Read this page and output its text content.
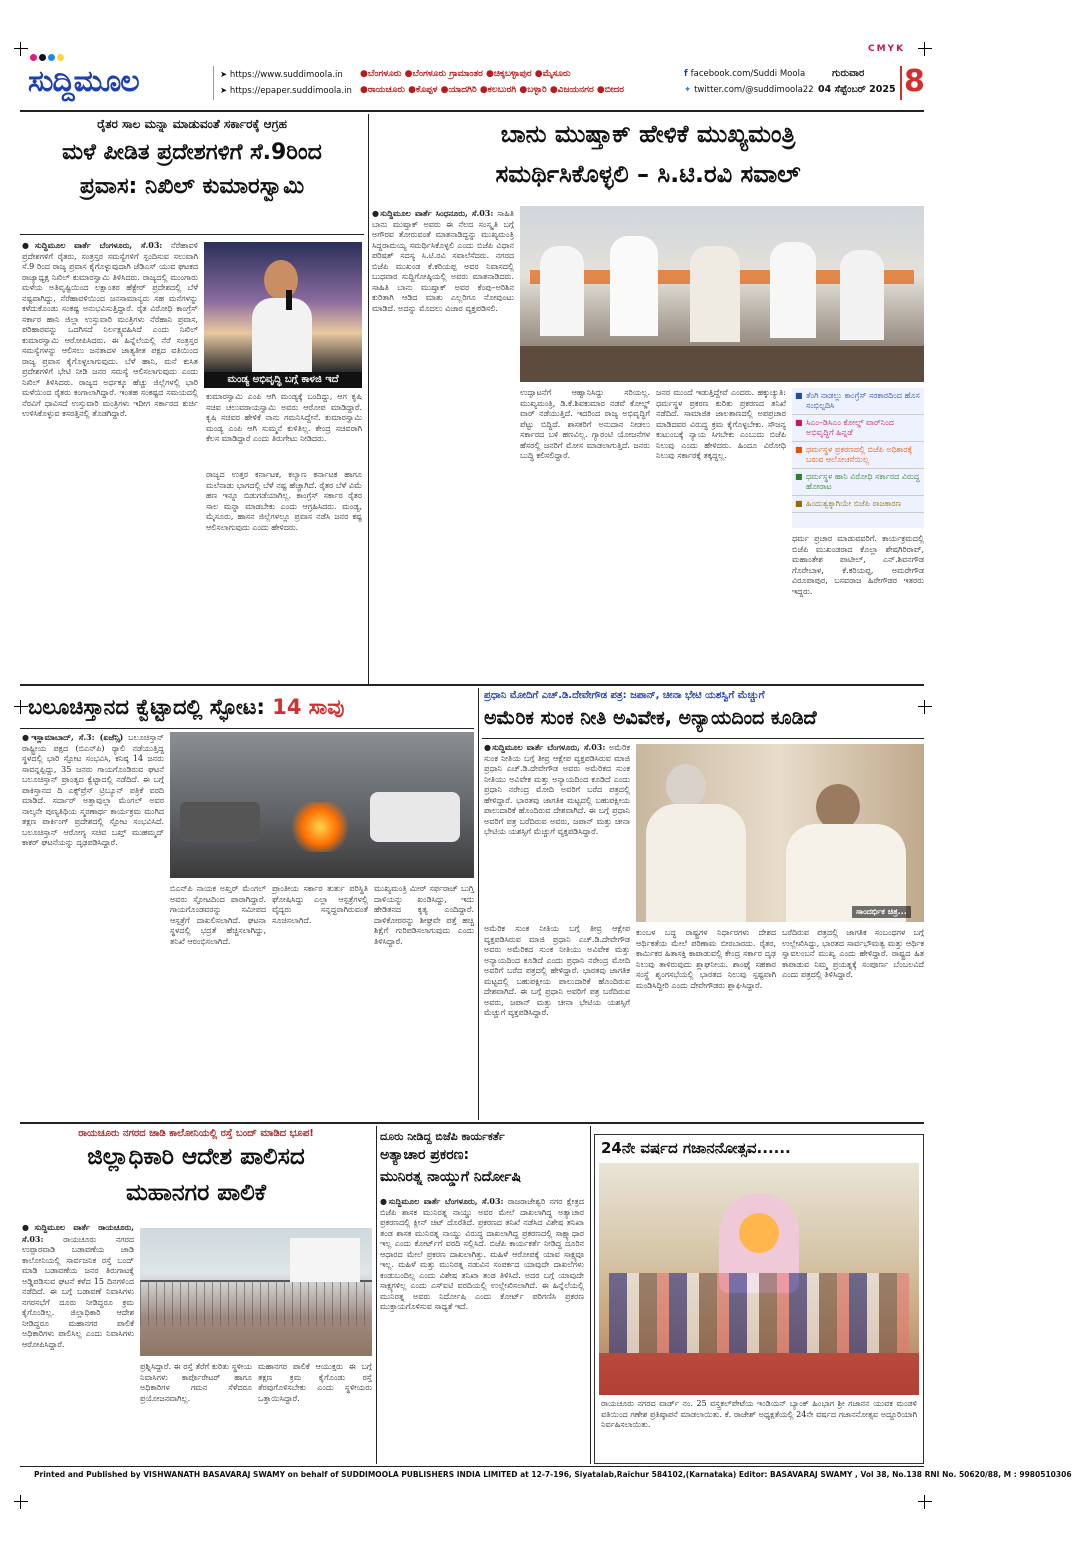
CMYK
ಸುದ್ದಿಮೂಲ	➤ https://www.suddimoola.in
➤ https://epaper.suddimoola.in
●ಬೆಂಗಳೂರು ●ಬೆಂಗಳೂರು ಗ್ರಾಮಾಂತರ ●ಚಿಕ್ಕಬಳ್ಳಾಪುರ ●ಮೈಸೂರು
●ರಾಯಚೂರು ●ಕೊಪ್ಪಳ ●ಯಾದಗಿರಿ ●ಕಲಬುರಗಿ ●ಬಳ್ಳಾರಿ ●ವಿಜಯನಗರ ●ಬೀದರ
f facebook.com/Suddi Moola
✦ twitter.com/@suddimoola22
ಗುರುವಾರ
04 ಸೆಪ್ಟೆಂಬರ್ 2025 8
ರೈತರ ಸಾಲ ಮನ್ನಾ ಮಾಡುವಂತೆ ಸರ್ಕಾರಕ್ಕೆ ಆಗ್ರಹ
ಮಳೆ ಪೀಡಿತ ಪ್ರದೇಶಗಳಿಗೆ ಸೆ.9ರಿಂದ
ಪ್ರವಾಸ: ನಿಖಿಲ್ ಕುಮಾರಸ್ವಾಮಿ
●ಸುದ್ದಿಮೂಲ ವಾರ್ತೆ ಬೆಂಗಳೂರು, ಸೆ.03: ನೆರೆಹಾವಳಿ ಪ್ರದೇಶಗಳಿಗೆ ರೈತರು, ಸಂತ್ರಸ್ತರ ಸಮಸ್ಯೆಗಳಿಗೆ ಸ್ಪಂದಿಸುವ ಸಲುವಾಗಿ ಸೆ.9 ರಿಂದ ರಾಜ್ಯ ಪ್ರವಾಸ ಕೈಗೊಳ್ಳುವುದಾಗಿ ಜೆಡಿಎಸ್ ಯುವ ಘಟಕದ ರಾಜ್ಯಾಧ್ಯಕ್ಷ ನಿಖಿಲ್ ಕುಮಾರಸ್ವಾಮಿ ತಿಳಿಸಿದರು. ರಾಜ್ಯದಲ್ಲಿ ಮುಂಗಾರು ಮಳೆಯ ಅತಿವೃಷ್ಟಿಯಿಂದ ಲಕ್ಷಾಂತರ ಹೆಕ್ಟೇರ್ ಪ್ರದೇಶದಲ್ಲಿ ಬೆಳೆ ನಷ್ಟವಾಗಿದ್ದು, ನೆರೆಹಾವಳಿಯಿಂದ ಜನಸಾಮಾನ್ಯರು ಸಹ ಮನೆಗಳನ್ನು ಕಳೆದುಕೊಂಡು ಸಂಕಷ್ಟ ಅನುಭವಿಸುತ್ತಿದ್ದಾರೆ. ರೈತ ವಿರೋಧಿ ಕಾಂಗ್ರೆಸ್ ಸರ್ಕಾರ ಹಾನಿ ಜಿಲ್ಲಾ ಉಸ್ತುವಾರಿ ಮಂತ್ರಿಗಳು ನೆರೆಹಾನಿ ಪ್ರವಾಸ, ಪರಿಹಾರವನ್ನು ಒದಗಿಸದೆ ನಿರ್ಲಕ್ಷ್ಯವಹಿಸಿದೆ ಎಂದು ನಿಖಿಲ್ ಕುಮಾರಸ್ವಾಮಿ ಆರೋಪಿಸಿದರು. ಈ ಹಿನ್ನೆಲೆಯಲ್ಲಿ ನೆರೆ ಸಂತ್ರಸ್ತರ ಸಮಸ್ಯೆಗಳನ್ನು ಆಲಿಸಲು ಜನತಾದಳ ಜಾತ್ಯತೀತ ಪಕ್ಷದ ವತಿಯಿಂದ ರಾಜ್ಯ ಪ್ರವಾಸ ಕೈಗೊಳ್ಳಲಾಗುವುದು. ಬೆಳೆ ಹಾನಿ, ಮನೆ ಕುಸಿತ ಪ್ರದೇಶಗಳಿಗೆ ಭೇಟಿ ನೀಡಿ ಜನರ ಸಮಸ್ಯೆ ಆಲಿಸಲಾಗುವುದು ಎಂದು ನಿಖಿಲ್ ತಿಳಿಸಿದರು. ರಾಜ್ಯದ ಅರ್ಧಕ್ಕೂ ಹೆಚ್ಚು ಜಿಲ್ಲೆಗಳಲ್ಲಿ ಭಾರಿ ಮಳೆಯಿಂದ ರೈತರು ಕಂಗಾಲಾಗಿದ್ದಾರೆ. ಇಂತಹ ಸಂಕಷ್ಟದ ಸಮಯದಲ್ಲಿ ನೆರವಿಗೆ ಧಾವಿಸದೆ ಉಸ್ತುವಾರಿ ಮಂತ್ರಿಗಳು ಇದೀಗ ಸರ್ಕಾರದ ಕುರ್ಚಿ ಉಳಿಸಿಕೊಳ್ಳುವ ಕಸರತ್ತಿನಲ್ಲಿ ತೊಡಗಿದ್ದಾರೆ.
ಮಂಡ್ಯ ಅಭಿವೃದ್ಧಿ ಬಗ್ಗೆ ಕಾಳಜಿ ಇದೆ
ಕುಮಾರಸ್ವಾಮಿ ಎಂಪಿ ಆಗಿ ಮಂಡ್ಯಕ್ಕೆ ಬಂದಿದ್ದು, ಆಗ ಕೃಷಿ ಸಚಿವ ಚಲುವರಾಯಸ್ವಾಮಿ ಅವರು ಆರೋಪ ಮಾಡಿದ್ದಾರೆ. ಕೃಷಿ ಸಚಿವರ ಹೇಳಿಕೆ ನಾನು ಗಮನಿಸಿದ್ದೇನೆ. ಕುಮಾರಸ್ವಾಮಿ ಮಂಡ್ಯ ಎಂಪಿ ಆಗಿ ಸುಮ್ಮನೆ ಕುಳಿತಿಲ್ಲ. ಕೇಂದ್ರ ಸಚಿವರಾಗಿ ಕೆಲಸ ಮಾಡಿದ್ದಾರೆ ಎಂದು ತಿರುಗೇಟು ನೀಡಿದರು.
ರಾಜ್ಯದ ಉತ್ತರ ಕರ್ನಾಟಕ, ಕಲ್ಯಾಣ ಕರ್ನಾಟಕ ಹಾಗೂ ಮಲೆನಾಡು ಭಾಗದಲ್ಲಿ ಬೆಳೆ ನಷ್ಟ ಹೆಚ್ಚಾಗಿದೆ. ರೈತರ ಬೆಳೆ ವಿಮೆ ಹಣ ಇನ್ನೂ ಬಿಡುಗಡೆಯಾಗಿಲ್ಲ. ಕಾಂಗ್ರೆಸ್ ಸರ್ಕಾರ ರೈತರ ಸಾಲ ಮನ್ನಾ ಮಾಡಬೇಕು ಎಂದು ಆಗ್ರಹಿಸಿದರು. ಮಂಡ್ಯ, ಮೈಸೂರು, ಹಾಸನ ಜಿಲ್ಲೆಗಳಲ್ಲೂ ಪ್ರವಾಸ ನಡೆಸಿ ಜನರ ಕಷ್ಟ ಆಲಿಸಲಾಗುವುದು ಎಂದು ಹೇಳಿದರು.
ಬಾನು ಮುಷ್ತಾಕ್ ಹೇಳಿಕೆ ಮುಖ್ಯಮಂತ್ರಿ
ಸಮರ್ಥಿಸಿಕೊಳ್ಳಲಿ – ಸಿ.ಟಿ.ರವಿ ಸವಾಲ್
●ಸುದ್ದಿಮೂಲ ವಾರ್ತೆ ಸಿಂಧನೂರು, ಸೆ.03: ಸಾಹಿತಿ ಬಾನು ಮುಷ್ತಾಕ್ ಅವರು ಈ ನೆಲದ ಸಂಸ್ಕೃತಿ ಬಗ್ಗೆ ಅಗೌರವ ತೋರುವಂತೆ ಮಾತನಾಡಿದ್ದನ್ನು ಮುಖ್ಯಮಂತ್ರಿ ಸಿದ್ದರಾಮಯ್ಯ ಸಮರ್ಥಿಸಿಕೊಳ್ಳಲಿ ಎಂದು ಬಿಜೆಪಿ ವಿಧಾನ ಪರಿಷತ್ ಸದಸ್ಯ ಸಿ.ಟಿ.ರವಿ ಸವಾಲೆಸೆದರು. ನಗರದ ಬಿಜೆಪಿ ಮುಖಂಡ ಕೆ.ಕರಿಯಪ್ಪ ಅವರ ನಿವಾಸದಲ್ಲಿ ಬುಧವಾರ ಸುದ್ದಿಗೋಷ್ಠಿಯಲ್ಲಿ ಅವರು ಮಾತನಾಡಿದರು. ಸಾಹಿತಿ ಬಾನು ಮುಷ್ತಾಕ್ ಅವರ ಕೆಂಪು–ಅರಿಶಿನ ಕುರಿತಾಗಿ ಆಡಿದ ಮಾತು ಎಲ್ಲರಿಗೂ ನೋವುಂಟು ಮಾಡಿದೆ. ಅದನ್ನು ಮೊದಲು ವಿಚಾರ ವ್ಯಕ್ತಪಡಿಸಲಿ.
ಉದ್ಘಾಟನೆಗೆ ಆಹ್ವಾನಿಸಿದ್ದು ಸರಿಯಲ್ಲ. ಮುಖ್ಯಮಂತ್ರಿ, ಡಿ.ಕೆ.ಶಿವಕುಮಾರ ನಡವೆ ಕೋಲ್ಡ್ ವಾರ್ ನಡೆಯುತ್ತಿದೆ. ಇದರಿಂದ ರಾಜ್ಯ ಅಭಿವೃದ್ಧಿಗೆ ಪೆಟ್ಟು ಬಿದ್ದಿದೆ. ಶಾಸಕರಿಗೆ ಅನುದಾನ ನೀಡಲು ಸರ್ಕಾರದ ಬಳಿ ಹಣವಿಲ್ಲ. ಗ್ಯಾರಂಟಿ ಯೋಜನೆಗಳ ಹೆಸರಲ್ಲಿ ಜನರಿಗೆ ಮೋಸ ಮಾಡಲಾಗುತ್ತಿದೆ. ಜನರು ಬುದ್ಧಿ ಕಲಿಸಲಿದ್ದಾರೆ.
ಜನರ ಮುಂದೆ ಇಡುತ್ತಿದ್ದೇವೆ ಎಂದರು. ಹಕ್ಕುಚ್ಯುತಿ: ಧರ್ಮಸ್ಥಳ ಪ್ರಕರಣ ಕುರಿತು ಪ್ರಕರಣದ ತನಿಖೆ ನಡೆದಿದೆ. ಸಾಮಾಜಿಕ ಜಾಲತಾಣದಲ್ಲಿ ಅಪಪ್ರಚಾರ ಮಾಡಿದವರ ವಿರುದ್ಧ ಕ್ರಮ ಕೈಗೊಳ್ಳಬೇಕು. ಸೌಜನ್ಯ ಕುಟುಂಬಕ್ಕೆ ನ್ಯಾಯ ಸಿಗಬೇಕು ಎಂಬುದು ಬಿಜೆಪಿ ನಿಲುವು ಎಂದು ಹೇಳಿದರು. ಹಿಂದೂ ವಿರೋಧಿ ನಿಲುವು ಸರ್ಕಾರಕ್ಕೆ ತಕ್ಕದ್ದಲ್ಲ.
■ ತೆಂಗಿ ನಾಡಲ್ಲು ಕಾಂಗ್ರೆಸ್ ಸರಕಾರದಿಂದ ಹೊಸ ಸಂಭಿಲ್ಪದಿಸಿ
■ ಸಿಎಂ–ಡಿಸಿಎಂ ಕೋಲ್ಡ್ ವಾರ್‌ನಿಂದ ಅಭಿವೃದ್ಧಿಗೆ ಹಿನ್ನಡೆ
■ ಧರ್ಮಸ್ಥಳ ಪ್ರಕರಣದಲ್ಲಿ ಬಿಜೆಪಿ ಅಧಿಕಾರಕ್ಕೆ ಬರುವ ಆಲೋಚನೆಯಿಲ್ಲ
■ ಧರ್ಮಸ್ಥಳ ಹಾನಿ ವಿರೋಧಿ ಸರ್ಕಾರದ ವಿರುದ್ಧ ಹೋರಾಟ
■ ಹಿಂದುತ್ವಕ್ಕಾಗಿಯೇ ಬಿಜೆಪಿ ರಾಜಕಾರಣ
ಧರ್ಮ ಪ್ರಚಾರ ಮಾಡುವವರಿಗೆ. ಕಾರ್ಯಕ್ರಮದಲ್ಲಿ ಬಿಜೆಪಿ ಮುಖಂಡರಾದ ಕೊಲ್ಲಾ ಶೇಷಗಿರಿರಾವ್, ಮಹಾಂತೇಶ ಪಾಟೀಲ್, ಎನ್.ಶಿವನಗೌಡ ಗೊರೇಬಾಳ, ಕೆ.ಕರಿಯಪ್ಪ, ಅಮರೇಗೌಡ ವಿರೂಪಾಪುರ, ಬಸವರಾಜ ಹಿರೇಗೌಡರ ಇತರರು ಇದ್ದರು.
ಬಲೂಚಿಸ್ತಾನದ ಕ್ವೆಟ್ಟಾದಲ್ಲಿ ಸ್ಫೋಟ: 14 ಸಾವು
●ಇಸ್ಲಾಮಾಬಾದ್, ಸೆ.3: (ಏಜೆನ್ಸಿ) ಬಲೂಚಿಸ್ತಾನ್ ರಾಷ್ಟ್ರೀಯ ಪಕ್ಷದ (ಬಿಎನ್‌ಪಿ) ರ‍್ಯಾಲಿ ನಡೆಯುತ್ತಿದ್ದ ಸ್ಥಳದಲ್ಲಿ ಭಾರಿ ಸ್ಫೋಟ ಸಂಭವಿಸಿ, ಕನಿಷ್ಠ 14 ಜನರು ಸಾವನ್ನಪ್ಪಿದ್ದು, 35 ಜನರು ಗಾಯಗೊಂಡಿರುವ ಘಟನೆ ಬಲೂಚಿಸ್ತಾನ್ ಪ್ರಾಂತ್ಯದ ಕ್ವೆಟ್ಟಾದಲ್ಲಿ ನಡೆದಿದೆ. ಈ ಬಗ್ಗೆ ಪಾಕಿಸ್ತಾನದ ದಿ ಎಕ್ಸ್‌ಪ್ರೆಸ್ ಟ್ರಿಬ್ಯೂನ್ ಪತ್ರಿಕೆ ವರದಿ ಮಾಡಿದೆ. ಸರ್ದಾರ್ ಅತ್ತಾವುಲ್ಲಾ ಮೆಂಗಲ್ ಅವರ ನಾಲ್ಕನೇ ಪುಣ್ಯತಿಥಿಯ ಸ್ಮರಣಾರ್ಥ ಕಾರ್ಯಕ್ರಮ ಮುಗಿದ ತಕ್ಷಣ ಪಾರ್ಕಿಂಗ್ ಪ್ರದೇಶದಲ್ಲಿ ಸ್ಫೋಟ ಸಂಭವಿಸಿದೆ. ಬಲೂಚಿಸ್ತಾನ್ ಆರೋಗ್ಯ ಸಚಿವ ಬಖ್ತ್ ಮುಹಮ್ಮದ್ ಕಾಕರ್ ಘಟನೆಯನ್ನು ದೃಢಪಡಿಸಿದ್ದಾರೆ.
ಬಿಎನ್‌ಪಿ ನಾಯಕ ಅಖ್ತರ್ ಮೆಂಗಲ್ ಅವರು ಸ್ಫೋಟದಿಂದ ಪಾರಾಗಿದ್ದಾರೆ. ಗಾಯಗೊಂಡವರನ್ನು ಸಮೀಪದ ಆಸ್ಪತ್ರೆಗೆ ದಾಖಲಿಸಲಾಗಿದೆ. ಘಟನಾ ಸ್ಥಳದಲ್ಲಿ ಭದ್ರತೆ ಹೆಚ್ಚಿಸಲಾಗಿದ್ದು, ತನಿಖೆ ಆರಂಭಿಸಲಾಗಿದೆ.
ಪ್ರಾಂತೀಯ ಸರ್ಕಾರ ತುರ್ತು ಪರಿಸ್ಥಿತಿ ಘೋಷಿಸಿದ್ದು ಎಲ್ಲಾ ಆಸ್ಪತ್ರೆಗಳಲ್ಲಿ ವೈದ್ಯರು ಸನ್ನದ್ಧರಾಗಿರುವಂತೆ ಸೂಚಿಸಲಾಗಿದೆ.
ಮುಖ್ಯಮಂತ್ರಿ ಮೀರ್ ಸರ್ಫರಾಜ್ ಬುಗ್ತಿ ದಾಳಿಯನ್ನು ಖಂಡಿಸಿದ್ದು, ಇದು ಹೇಡಿತನದ ಕೃತ್ಯ ಎಂದಿದ್ದಾರೆ. ದಾಳಿಕೋರರನ್ನು ಶೀಘ್ರವೇ ಪತ್ತೆ ಹಚ್ಚಿ ಶಿಕ್ಷೆಗೆ ಗುರಿಪಡಿಸಲಾಗುವುದು ಎಂದು ತಿಳಿಸಿದ್ದಾರೆ.
ಪ್ರಧಾನಿ ಮೋದಿಗೆ ಎಚ್.ಡಿ.ದೇವೇಗೌಡ ಪತ್ರ: ಜಪಾನ್, ಚೀನಾ ಭೇಟಿ ಯಶಸ್ವಿಗೆ ಮೆಚ್ಚುಗೆ
ಅಮೆರಿಕ ಸುಂಕ ನೀತಿ ಅವಿವೇಕ, ಅನ್ಯಾಯದಿಂದ ಕೂಡಿದೆ
●ಸುದ್ದಿಮೂಲ ವಾರ್ತೆ ಬೆಂಗಳೂರು, ಸೆ.03: ಅಮೆರಿಕ ಸುಂಕ ನೀತಿಯ ಬಗ್ಗೆ ತೀವ್ರ ಆಕ್ಷೇಪ ವ್ಯಕ್ತಪಡಿಸಿರುವ ಮಾಜಿ ಪ್ರಧಾನಿ ಎಚ್.ಡಿ.ದೇವೇಗೌಡ ಅವರು ಅಮೆರಿಕದ ಸುಂಕ ನೀತಿಯು ಅವಿವೇಕ ಮತ್ತು ಅನ್ಯಾಯದಿಂದ ಕೂಡಿದೆ ಎಂದು ಪ್ರಧಾನಿ ನರೇಂದ್ರ ಮೋದಿ ಅವರಿಗೆ ಬರೆದ ಪತ್ರದಲ್ಲಿ ಹೇಳಿದ್ದಾರೆ. ಭಾರತವು ಜಾಗತಿಕ ಮಟ್ಟದಲ್ಲಿ ಬಹುಪಕ್ಷೀಯ ಪಾಲುದಾರಿಕೆ ಹೊಂದಿರುವ ದೇಶವಾಗಿದೆ. ಈ ಬಗ್ಗೆ ಪ್ರಧಾನಿ ಅವರಿಗೆ ಪತ್ರ ಬರೆದಿರುವ ಅವರು, ಜಪಾನ್ ಮತ್ತು ಚೀನಾ ಭೇಟಿಯ ಯಶಸ್ಸಿಗೆ ಮೆಚ್ಚುಗೆ ವ್ಯಕ್ತಪಡಿಸಿದ್ದಾರೆ.
ಸಾಂದರ್ಭಿಕ ಚಿತ್ರ...
ಅಮೆರಿಕ ಸುಂಕ ನೀತಿಯ ಬಗ್ಗೆ ತೀವ್ರ ಆಕ್ಷೇಪ ವ್ಯಕ್ತಪಡಿಸಿರುವ ಮಾಜಿ ಪ್ರಧಾನಿ ಎಚ್.ಡಿ.ದೇವೇಗೌಡ ಅವರು ಅಮೆರಿಕದ ಸುಂಕ ನೀತಿಯು ಅವಿವೇಕ ಮತ್ತು ಅನ್ಯಾಯದಿಂದ ಕೂಡಿದೆ ಎಂದು ಪ್ರಧಾನಿ ನರೇಂದ್ರ ಮೋದಿ ಅವರಿಗೆ ಬರೆದ ಪತ್ರದಲ್ಲಿ ಹೇಳಿದ್ದಾರೆ. ಭಾರತವು ಜಾಗತಿಕ ಮಟ್ಟದಲ್ಲಿ ಬಹುಪಕ್ಷೀಯ ಪಾಲುದಾರಿಕೆ ಹೊಂದಿರುವ ದೇಶವಾಗಿದೆ. ಈ ಬಗ್ಗೆ ಪ್ರಧಾನಿ ಅವರಿಗೆ ಪತ್ರ ಬರೆದಿರುವ ಅವರು, ಜಪಾನ್ ಮತ್ತು ಚೀನಾ ಭೇಟಿಯ ಯಶಸ್ಸಿಗೆ ಮೆಚ್ಚುಗೆ ವ್ಯಕ್ತಪಡಿಸಿದ್ದಾರೆ.
ಕುಂಬಳ ಬದ್ಧ ರಾಷ್ಟ್ರಗಳ ನಿರ್ಧಾರಗಳು ದೇಶದ ಆರ್ಥಿಕತೆಯ ಮೇಲೆ ಪರಿಣಾಮ ಬೀರಬಾರದು. ರೈತರ, ಕಾರ್ಮಿಕರ ಹಿತಾಸಕ್ತಿ ಕಾಪಾಡುವಲ್ಲಿ ಕೇಂದ್ರ ಸರ್ಕಾರ ದೃಢ ನಿಲುವು ತಾಳಿರುವುದು ಶ್ಲಾಘನೀಯ. ಶಾಂಘೈ ಸಹಕಾರ ಸಂಸ್ಥೆ ಶೃಂಗಸಭೆಯಲ್ಲಿ ಭಾರತದ ನಿಲುವು ಸ್ಪಷ್ಟವಾಗಿ ಮಂಡಿಸಿದ್ದೀರಿ ಎಂದು ದೇವೇಗೌಡರು ಶ್ಲಾಘಿಸಿದ್ದಾರೆ.
ಬರೆದಿರುವ ಪತ್ರದಲ್ಲಿ ಜಾಗತಿಕ ಸಂಬಂಧಗಳ ಬಗ್ಗೆ ಉಲ್ಲೇಖಿಸಿದ್ದು, ಭಾರತದ ಸಾರ್ವಭೌಮತ್ವ ಮತ್ತು ಆರ್ಥಿಕ ಸ್ವಾವಲಂಬನೆ ಮುಖ್ಯ ಎಂದು ಹೇಳಿದ್ದಾರೆ. ರಾಷ್ಟ್ರದ ಹಿತ ಕಾಪಾಡುವ ನಿಮ್ಮ ಪ್ರಯತ್ನಕ್ಕೆ ಸಂಪೂರ್ಣ ಬೆಂಬಲವಿದೆ ಎಂದು ಪತ್ರದಲ್ಲಿ ತಿಳಿಸಿದ್ದಾರೆ.
ರಾಯಚೂರು ನಗರದ ಜಾಡಿ ಕಾಲೋನಿಯಲ್ಲಿ ರಸ್ತೆ ಬಂದ್ ಮಾಡಿದ ಭೂಪ!
ಜಿಲ್ಲಾಧಿಕಾರಿ ಆದೇಶ ಪಾಲಿಸದ
ಮಹಾನಗರ ಪಾಲಿಕೆ
●ಸುದ್ದಿಮೂಲ ವಾರ್ತೆ ರಾಯಚೂರು, ಸೆ.03: ರಾಯಚೂರು ನಗರದ ಉಪ್ಪಾರವಾಡಿ ಬಡಾವಣೆಯ ಜಾಡಿ ಕಾಲೋನಿಯಲ್ಲಿ ಸಾರ್ವಜನಿಕ ರಸ್ತೆ ಬಂದ್ ಮಾಡಿ ಬಡಾವಣೆಯ ಜನರ ತಿರುಗಾಟಕ್ಕೆ ಅಡ್ಡಿಪಡಿಸುವ ಘಟನೆ ಕಳೆದ 15 ದಿನಗಳಿಂದ ನಡೆದಿದೆ. ಈ ಬಗ್ಗೆ ಬಡಾವಣೆ ನಿವಾಸಿಗಳು ನಗರಸಭೆಗೆ ದೂರು ನೀಡಿದ್ದರೂ ಕ್ರಮ ಕೈಗೊಂಡಿಲ್ಲ. ಜಿಲ್ಲಾಧಿಕಾರಿ ಆದೇಶ ನೀಡಿದ್ದರೂ ಮಹಾನಗರ ಪಾಲಿಕೆ ಅಧಿಕಾರಿಗಳು ಪಾಲಿಸಿಲ್ಲ ಎಂದು ನಿವಾಸಿಗಳು ಆರೋಪಿಸಿದ್ದಾರೆ.
ಪ್ರಶ್ನಿಸಿದ್ದಾರೆ. ಈ ರಸ್ತೆ ತೆರೆಗೆ ಕುರಿತು ಸ್ಥಳೀಯ ನಿವಾಸಿಗಳು ಕಾರ್ಪೊರೇಟರ್ ಹಾಗೂ ಅಧಿಕಾರಿಗಳ ಗಮನ ಸೆಳೆದರೂ ಪ್ರಯೋಜನವಾಗಿಲ್ಲ.
ಮಹಾನಗರ ಪಾಲಿಕೆ ಆಯುಕ್ತರು ಈ ಬಗ್ಗೆ ತಕ್ಷಣ ಕ್ರಮ ಕೈಗೊಂಡು ರಸ್ತೆ ತೆರವುಗೊಳಿಸಬೇಕು ಎಂದು ಸ್ಥಳೀಯರು ಒತ್ತಾಯಿಸಿದ್ದಾರೆ.
ದೂರು ನೀಡಿದ್ದ ಬಿಜೆಪಿ ಕಾರ್ಯಕರ್ತೆ
ಅತ್ಯಾಚಾರ ಪ್ರಕರಣ:
ಮುನಿರತ್ನ ನಾಯ್ಡುಗೆ ನಿರ್ದೋಷಿ
●ಸುದ್ದಿಮೂಲ ವಾರ್ತೆ ಬೆಂಗಳೂರು, ಸೆ.03: ರಾಜರಾಜೇಶ್ವರಿ ನಗರ ಕ್ಷೇತ್ರದ ಬಿಜೆಪಿ ಶಾಸಕ ಮುನಿರತ್ನ ನಾಯ್ಡು ಅವರ ಮೇಲೆ ದಾಖಲಾಗಿದ್ದ ಅತ್ಯಾಚಾರ ಪ್ರಕರಣದಲ್ಲಿ ಕ್ಲೀನ್ ಚಿಟ್ ದೊರೆತಿದೆ. ಪ್ರಕರಣದ ತನಿಖೆ ನಡೆಸಿದ ವಿಶೇಷ ತನಿಖಾ ತಂಡ ಶಾಸಕ ಮುನಿರತ್ನ ನಾಯ್ಡು ವಿರುದ್ಧ ದಾಖಲಾಗಿದ್ದ ಪ್ರಕರಣದಲ್ಲಿ ಸಾಕ್ಷ್ಯಾಧಾರ ಇಲ್ಲ ಎಂದು ಕೋರ್ಟ್‌ಗೆ ವರದಿ ಸಲ್ಲಿಸಿದೆ. ಬಿಜೆಪಿ ಕಾರ್ಯಕರ್ತೆ ನೀಡಿದ್ದ ದೂರಿನ ಆಧಾರದ ಮೇಲೆ ಪ್ರಕರಣ ದಾಖಲಾಗಿತ್ತು. ಮಹಿಳೆ ಆರೋಪಕ್ಕೆ ಯಾವ ಸಾಕ್ಷ್ಯವೂ ಇಲ್ಲ. ಮಹಿಳೆ ಮತ್ತು ಮುನಿರತ್ನ ನಡುವಿನ ಸಂಪರ್ಕದ ಯಾವುದೇ ದಾಖಲೆಗಳು ಕಂಡುಬಂದಿಲ್ಲ ಎಂದು ವಿಶೇಷ ತನಿಖಾ ತಂಡ ತಿಳಿಸಿದೆ. ಅದರ ಬಗ್ಗೆ ಯಾವುದೇ ಸಾಕ್ಷ್ಯಗಳಿಲ್ಲ ಎಂದು ಎಸ್‌ಐಟಿ ವರದಿಯಲ್ಲಿ ಉಲ್ಲೇಖಿಸಲಾಗಿದೆ. ಈ ಹಿನ್ನೆಲೆಯಲ್ಲಿ ಮುನಿರತ್ನ ಅವರು ನಿರ್ದೋಷಿ ಎಂದು ಕೋರ್ಟ್ ಪರಿಗಣಿಸಿ ಪ್ರಕರಣ ಮುಕ್ತಾಯಗೊಳಿಸುವ ಸಾಧ್ಯತೆ ಇದೆ.
24ನೇ ವರ್ಷದ ಗಜಾನನೋತ್ಸವ......
ರಾಯಚೂರು ನಗರದ ವಾರ್ಡ್ ನಂ. 25 ವಸ್ತ್ರಕಲ್‌ಪೇಟೆಯ ಇಂಡಿಯನ್ ಬ್ಯಾಂಕ್ ಹಿಂಭಾಗ ಶ್ರೀ ಗಜಾನನ ಯುವಕ ಮಂಡಳಿ ವತಿಯಿಂದ ಗಣೇಶ ಪ್ರತಿಷ್ಠಾಪನೆ ಮಾಡಲಾಯಿತು. ಕೆ. ರಾಜೇಶ್ ಅಧ್ಯಕ್ಷತೆಯಲ್ಲಿ 24ನೇ ವರ್ಷದ ಗಜಾನನೋತ್ಸವ ಅದ್ದೂರಿಯಾಗಿ ನಿರ್ವಹಿಸಲಾಯಿತು.
Printed and Published by VISHWANATH BASAVARAJ SWAMY on behalf of SUDDIMOOLA PUBLISHERS INDIA LIMITED at 12-7-196, Siyatalab,Raichur 584102,(Karnataka) Editor: BASAVARAJ SWAMY , Vol 38, No.138 RNI No. 50620/88, M : 9980510306
